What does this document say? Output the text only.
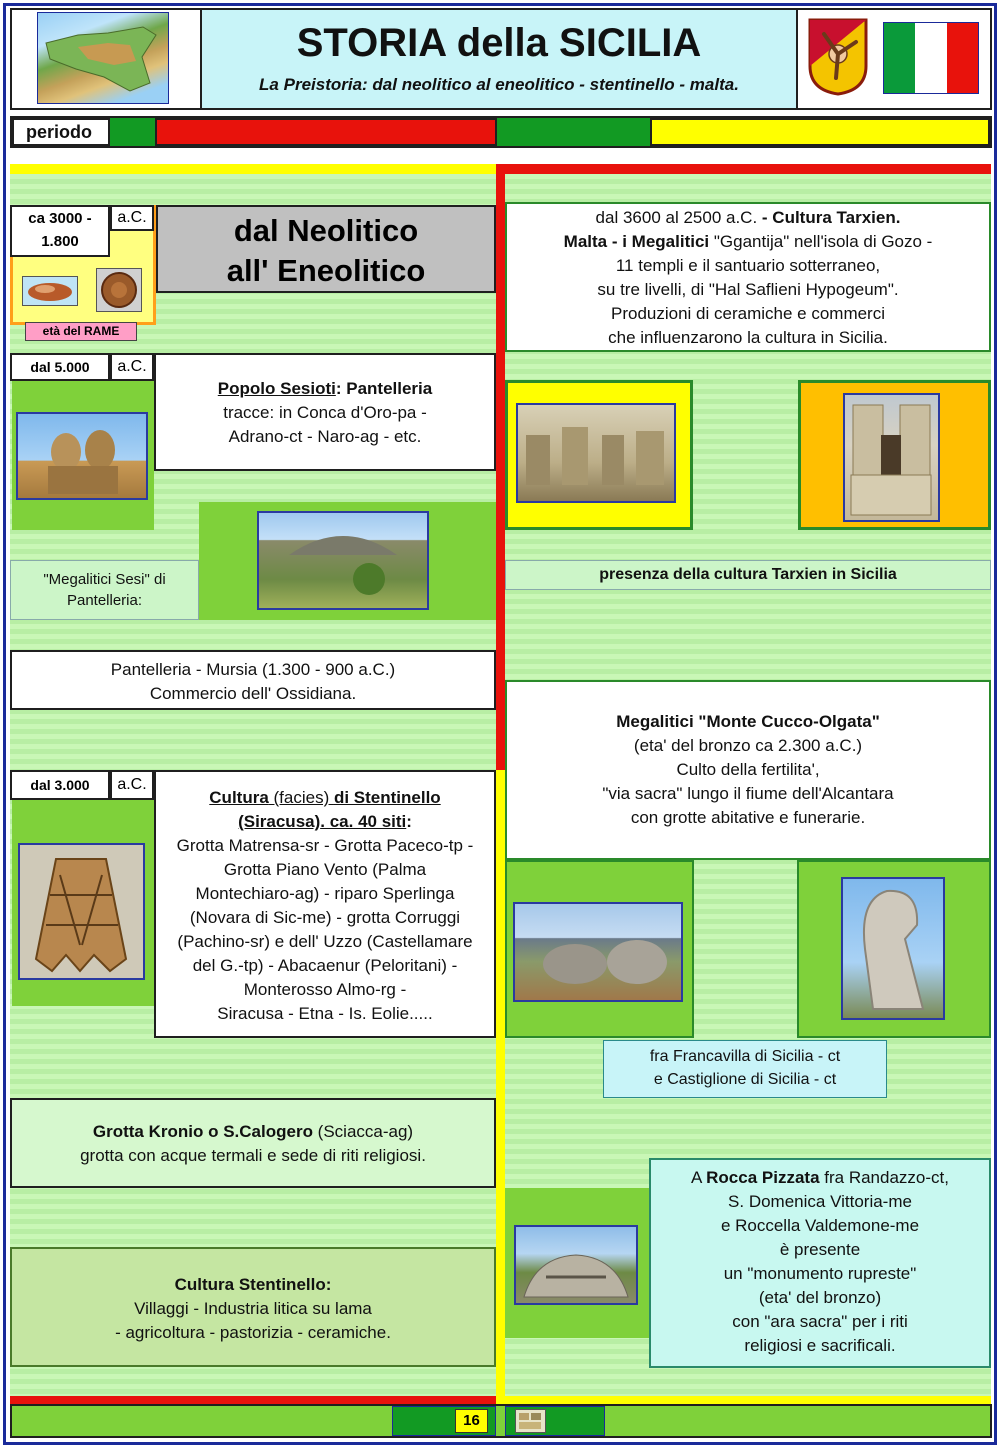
STORIA della SICILIA
La Preistoria: dal neolitico al eneolitico - stentinello - malta.
periodo
ca 3000 -
1.800
a.C.
età del RAME
dal Neolitico
all' Eneolitico
dal 5.000	a.C.
Popolo Sesioti: Pantelleria
tracce: in Conca d'Oro-pa -
Adrano-ct - Naro-ag - etc.
"Megalitici Sesi" di
Pantelleria:
Pantelleria - Mursia (1.300 - 900 a.C.)
Commercio dell' Ossidiana.
dal 3.000	a.C.
Cultura (facies) di Stentinello
(Siracusa). ca. 40 siti:
Grotta Matrensa-sr - Grotta Paceco-tp -
Grotta Piano Vento (Palma
Montechiaro-ag) - riparo Sperlinga
(Novara di Sic-me) - grotta Corruggi
(Pachino-sr) e dell' Uzzo (Castellamare
del G.-tp) - Abacaenur (Peloritani) -
Monterosso Almo-rg -
Siracusa - Etna - Is. Eolie.....
Grotta Kronio o S.Calogero (Sciacca-ag)
grotta con acque termali e sede di riti religiosi.
Cultura Stentinello:
Villaggi - Industria litica su lama
- agricoltura - pastorizia - ceramiche.
dal 3600 al 2500 a.C. - Cultura Tarxien.
Malta - i Megalitici "Ggantija" nell'isola di Gozo -
11 templi e il santuario sotterraneo,
su tre livelli, di "Hal Saflieni Hypogeum".
Produzioni di ceramiche e commerci
che influenzarono la cultura in Sicilia.
presenza della cultura Tarxien in Sicilia
Megalitici "Monte Cucco-Olgata"
(eta' del bronzo ca 2.300 a.C.)
Culto della fertilita',
"via sacra" lungo il fiume dell'Alcantara
con grotte abitative e funerarie.
fra Francavilla di Sicilia - ct
e Castiglione di Sicilia - ct
A Rocca Pizzata fra Randazzo-ct,
S. Domenica Vittoria-me
e Roccella Valdemone-me
è presente
un "monumento rupreste"
(eta' del bronzo)
con "ara sacra" per i riti
religiosi e sacrificali.
16
